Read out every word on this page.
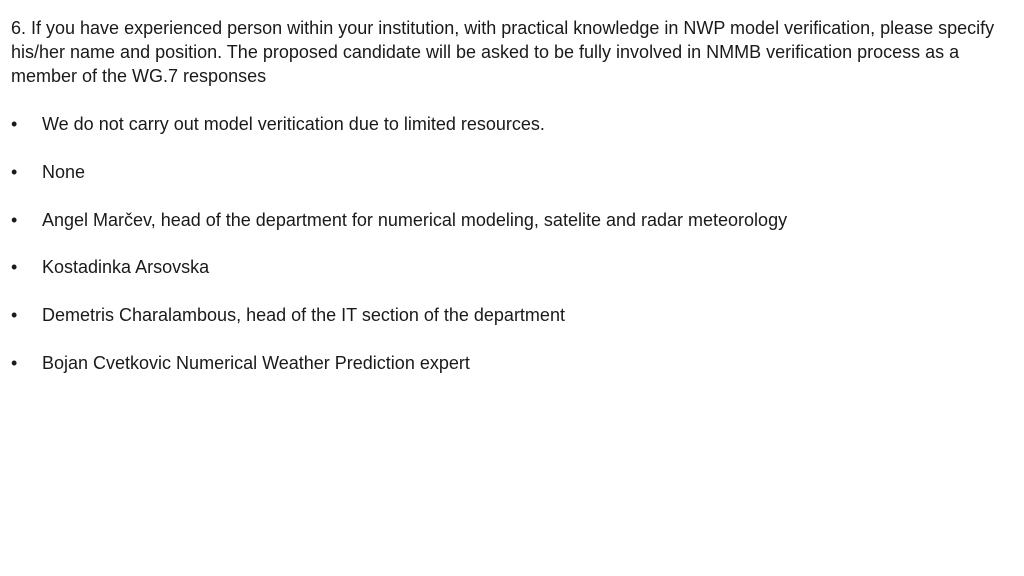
6. If you have experienced person within your institution, with practical knowledge in NWP model verification, please specify his/her name and position. The proposed candidate will be asked to be fully involved in NMMB verification process as a member of the WG.7 responses

• We do not carry out model veritication due to limited resources.
• None
• Angel Marčev, head of the department for numerical modeling, satelite and radar meteorology
• Kostadinka Arsovska
• Demetris Charalambous, head of the IT section of the department
• Bojan Cvetkovic Numerical Weather Prediction expert
